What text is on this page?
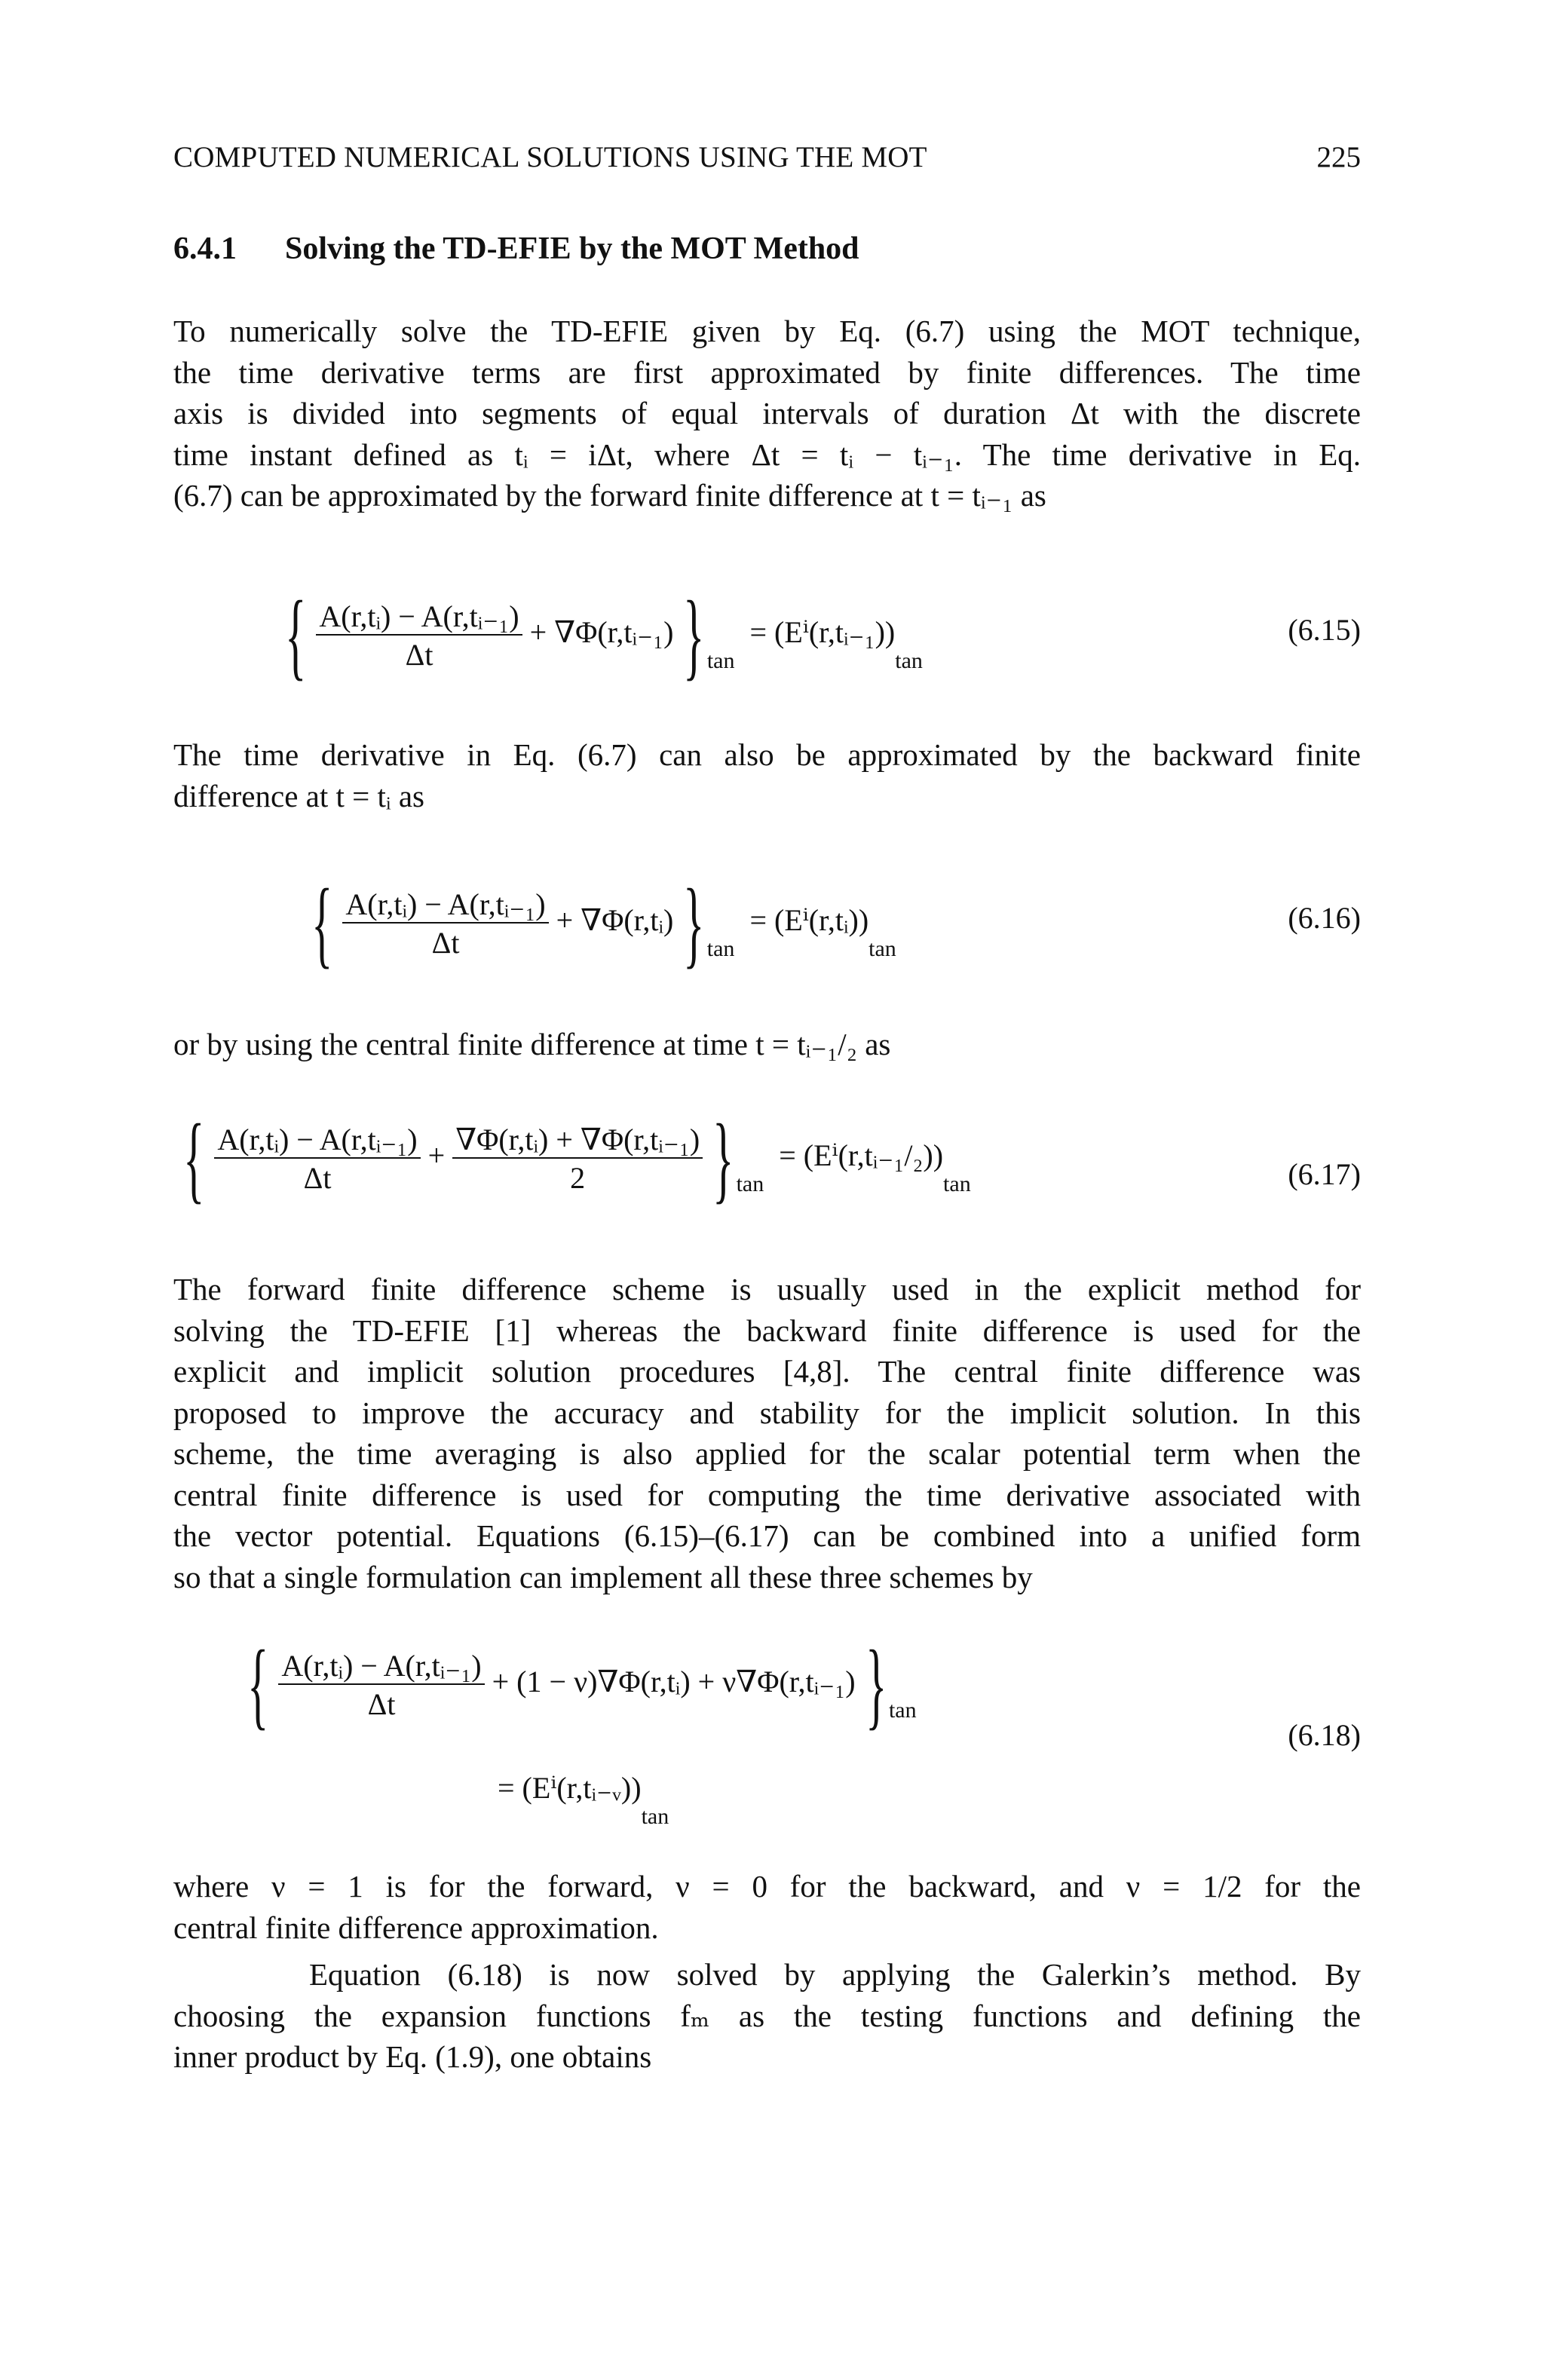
COMPUTED NUMERICAL SOLUTIONS USING THE MOT	225
6.4.1 Solving the TD-EFIE by the MOT Method
To numerically solve the TD-EFIE given by Eq. (6.7) using the MOT technique,
the time derivative terms are first approximated by finite differences. The time
axis is divided into segments of equal intervals of duration Δt with the discrete
time instant defined as tᵢ = iΔt, where Δt = tᵢ − tᵢ₋₁. The time derivative in Eq.
(6.7) can be approximated by the forward finite difference at t = tᵢ₋₁ as
{ $\frac{\text{A(r,tᵢ) − A(r,tᵢ₋₁)}}{\Delta t}$ + ∇Φ(r,tᵢ₋₁) } $_{tan} = (E^i(r,tᵢ_{-1}))_{tan}$
(6.15)
The time derivative in Eq. (6.7) can also be approximated by the backward finite
difference at t = tᵢ as
{ $\frac{\text{A(r,tᵢ) − A(r,tᵢ₋₁)}}{\Delta t}$ + ∇Φ(r,tᵢ) } $_{tan} = (E^i(r,tᵢ))_{tan}$
(6.16)
or by using the central finite difference at time t = tᵢ₋₁/₂ as
{ $\frac{\text{A(r,tᵢ) − A(r,tᵢ₋₁)}}{\Delta t} + \frac{\text{∇Φ(r,tᵢ) + ∇Φ(r,tᵢ₋₁)}}{2}$ } $_{tan} = (E^i(r,tᵢ_{-1}/_2))_{tan}$	(6.17)
The forward finite difference scheme is usually used in the explicit method for
solving the TD-EFIE [1] whereas the backward finite difference is used for the
explicit and implicit solution procedures [4,8]. The central finite difference was
proposed to improve the accuracy and stability for the implicit solution. In this
scheme, the time averaging is also applied for the scalar potential term when the
central finite difference is used for computing the time derivative associated with
the vector potential. Equations (6.15)–(6.17) can be combined into a unified form
so that a single formulation can implement all these three schemes by
{ $\frac{\text{A(r,tᵢ) − A(r,tᵢ₋₁)}}{\Delta t} + (1$ − ν)∇Φ(r,tᵢ) + ν∇Φ(r,tᵢ₋₁) } $_{tan}$
= $(E^i(r,tᵢ_-ᵥ))_{tan}$
(6.18)
where ν = 1 is for the forward, ν = 0 for the backward, and ν = 1/2 for the
central finite difference approximation.
Equation (6.18) is now solved by applying the Galerkin’s method. By
choosing the expansion functions fₘ as the testing functions and defining the
inner product by Eq. (1.9), one obtains
